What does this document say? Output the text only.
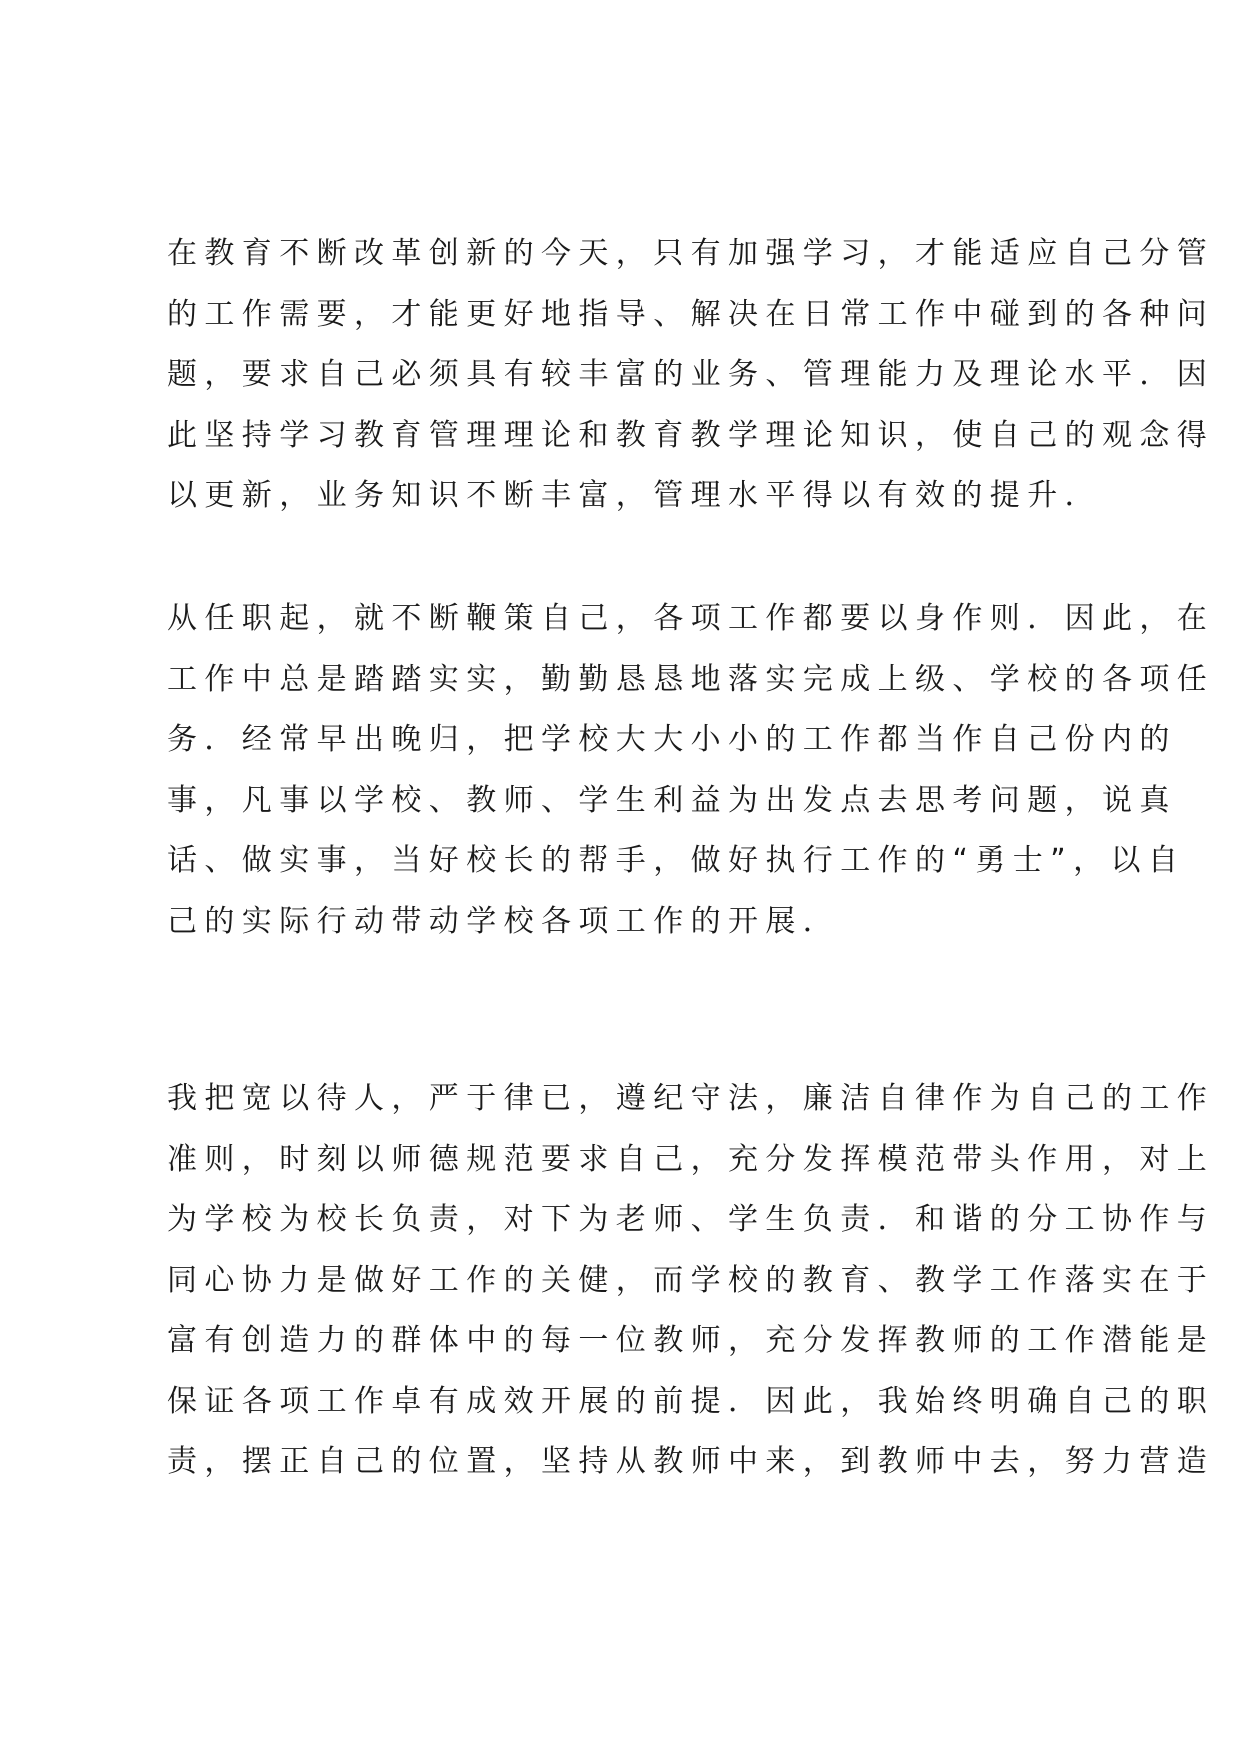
在教育不断改革创新的今天，只有加强学习，才能适应自己分管
的工作需要，才能更好地指导、解决在日常工作中碰到的各种问
题，要求自己必须具有较丰富的业务、管理能力及理论水平．因
此坚持学习教育管理理论和教育教学理论知识，使自己的观念得
以更新，业务知识不断丰富，管理水平得以有效的提升．
从任职起，就不断鞭策自己，各项工作都要以身作则．因此，在
工作中总是踏踏实实，勤勤恳恳地落实完成上级、学校的各项任
务．经常早出晚归，把学校大大小小的工作都当作自己份内的
事，凡事以学校、教师、学生利益为出发点去思考问题，说真
话、做实事，当好校长的帮手，做好执行工作的“勇士”，以自
己的实际行动带动学校各项工作的开展．
我把宽以待人，严于律已，遵纪守法，廉洁自律作为自己的工作
准则，时刻以师德规范要求自己，充分发挥模范带头作用，对上
为学校为校长负责，对下为老师、学生负责．和谐的分工协作与
同心协力是做好工作的关健，而学校的教育、教学工作落实在于
富有创造力的群体中的每一位教师，充分发挥教师的工作潜能是
保证各项工作卓有成效开展的前提．因此，我始终明确自己的职
责，摆正自己的位置，坚持从教师中来，到教师中去，努力营造
